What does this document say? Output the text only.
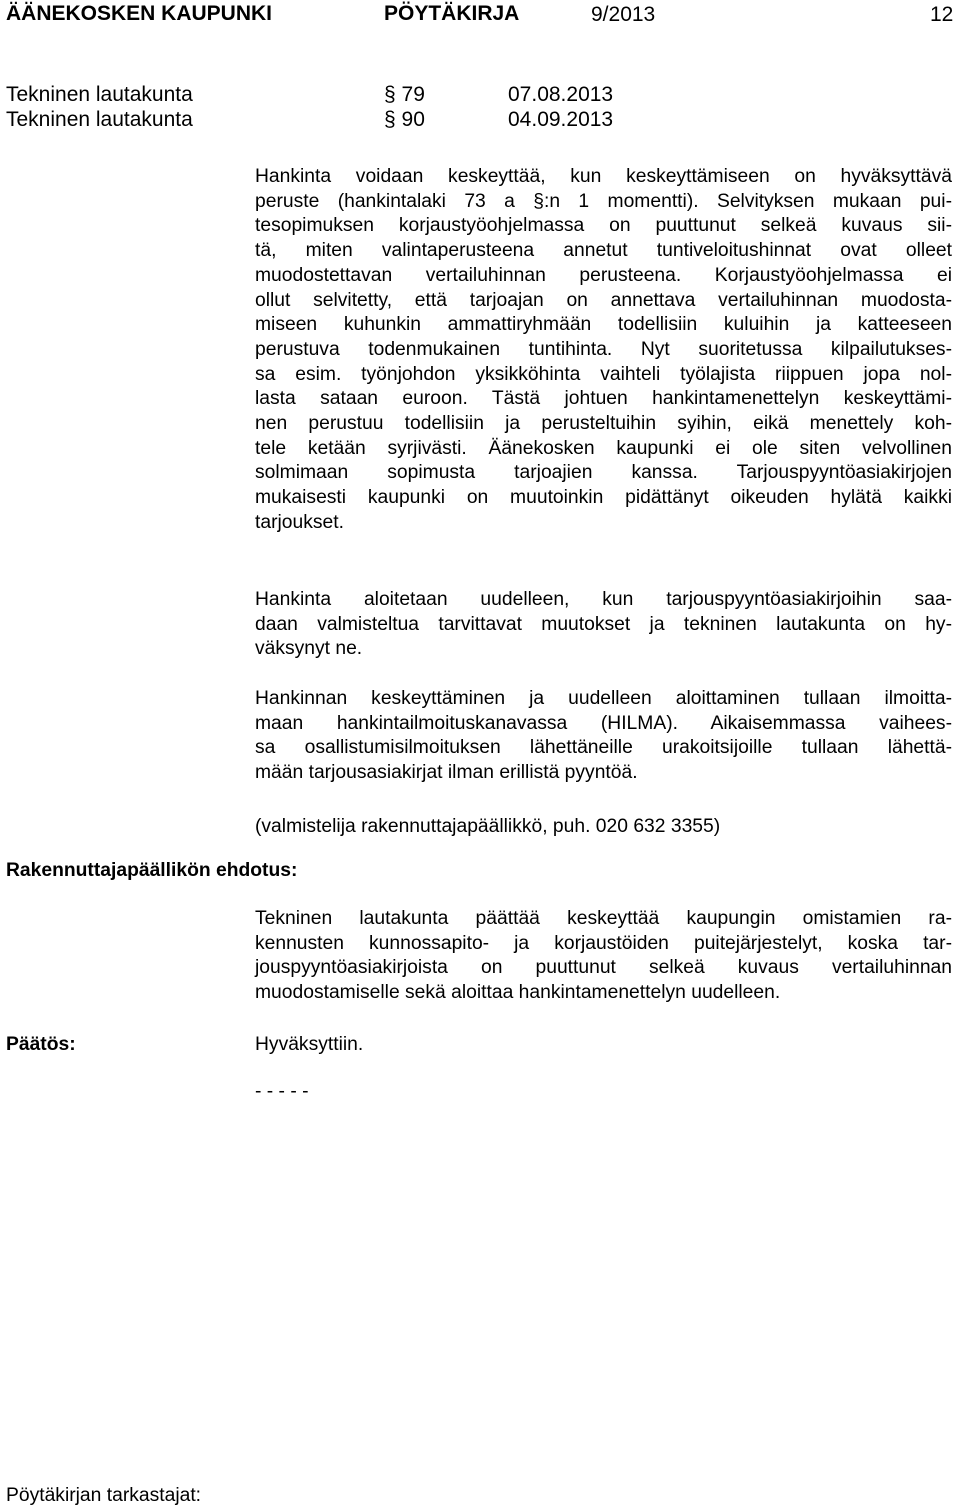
ÄÄNEKOSKEN KAUPUNKI	PÖYTÄKIRJA	9/2013	12
Tekninen lautakunta	§ 79	07.08.2013
Tekninen lautakunta	§ 90	04.09.2013
Hankinta voidaan keskeyttää, kun keskeyttämiseen on hyväksyttävä
peruste (hankintalaki 73 a §:n 1 momentti). Selvityksen mukaan pui-
tesopimuksen korjaustyöohjelmassa on puuttunut selkeä kuvaus sii-
tä, miten valintaperusteena annetut tuntiveloitushinnat ovat olleet
muodostettavan vertailuhinnan perusteena. Korjaustyöohjelmassa ei
ollut selvitetty, että tarjoajan on annettava vertailuhinnan muodosta-
miseen kuhunkin ammattiryhmään todellisiin kuluihin ja katteeseen
perustuva todenmukainen tuntihinta. Nyt suoritetussa kilpailutukses-
sa esim. työnjohdon yksikköhinta vaihteli työlajista riippuen jopa nol-
lasta sataan euroon. Tästä johtuen hankintamenettelyn keskeyttämi-
nen perustuu todellisiin ja perusteltuihin syihin, eikä menettely koh-
tele ketään syrjivästi. Äänekosken kaupunki ei ole siten velvollinen
solmimaan sopimusta tarjoajien kanssa. Tarjouspyyntöasiakirjojen
mukaisesti kaupunki on muutoinkin pidättänyt oikeuden hylätä kaikki
tarjoukset.
Hankinta aloitetaan uudelleen, kun tarjouspyyntöasiakirjoihin saa-
daan valmisteltua tarvittavat muutokset ja tekninen lautakunta on hy-
väksynyt ne.
Hankinnan keskeyttäminen ja uudelleen aloittaminen tullaan ilmoitta-
maan hankintailmoituskanavassa (HILMA). Aikaisemmassa vaihees-
sa osallistumisilmoituksen lähettäneille urakoitsijoille tullaan lähettä-
mään tarjousasiakirjat ilman erillistä pyyntöä.
(valmistelija rakennuttajapäällikkö, puh. 020 632 3355)
Rakennuttajapäällikön ehdotus:
Tekninen lautakunta päättää keskeyttää kaupungin omistamien ra-
kennusten kunnossapito- ja korjaustöiden puitejärjestelyt, koska tar-
jouspyyntöasiakirjoista on puuttunut selkeä kuvaus vertailuhinnan
muodostamiselle sekä aloittaa hankintamenettelyn uudelleen.
Päätös:	Hyväksyttiin.
- - - - -
Pöytäkirjan tarkastajat:
